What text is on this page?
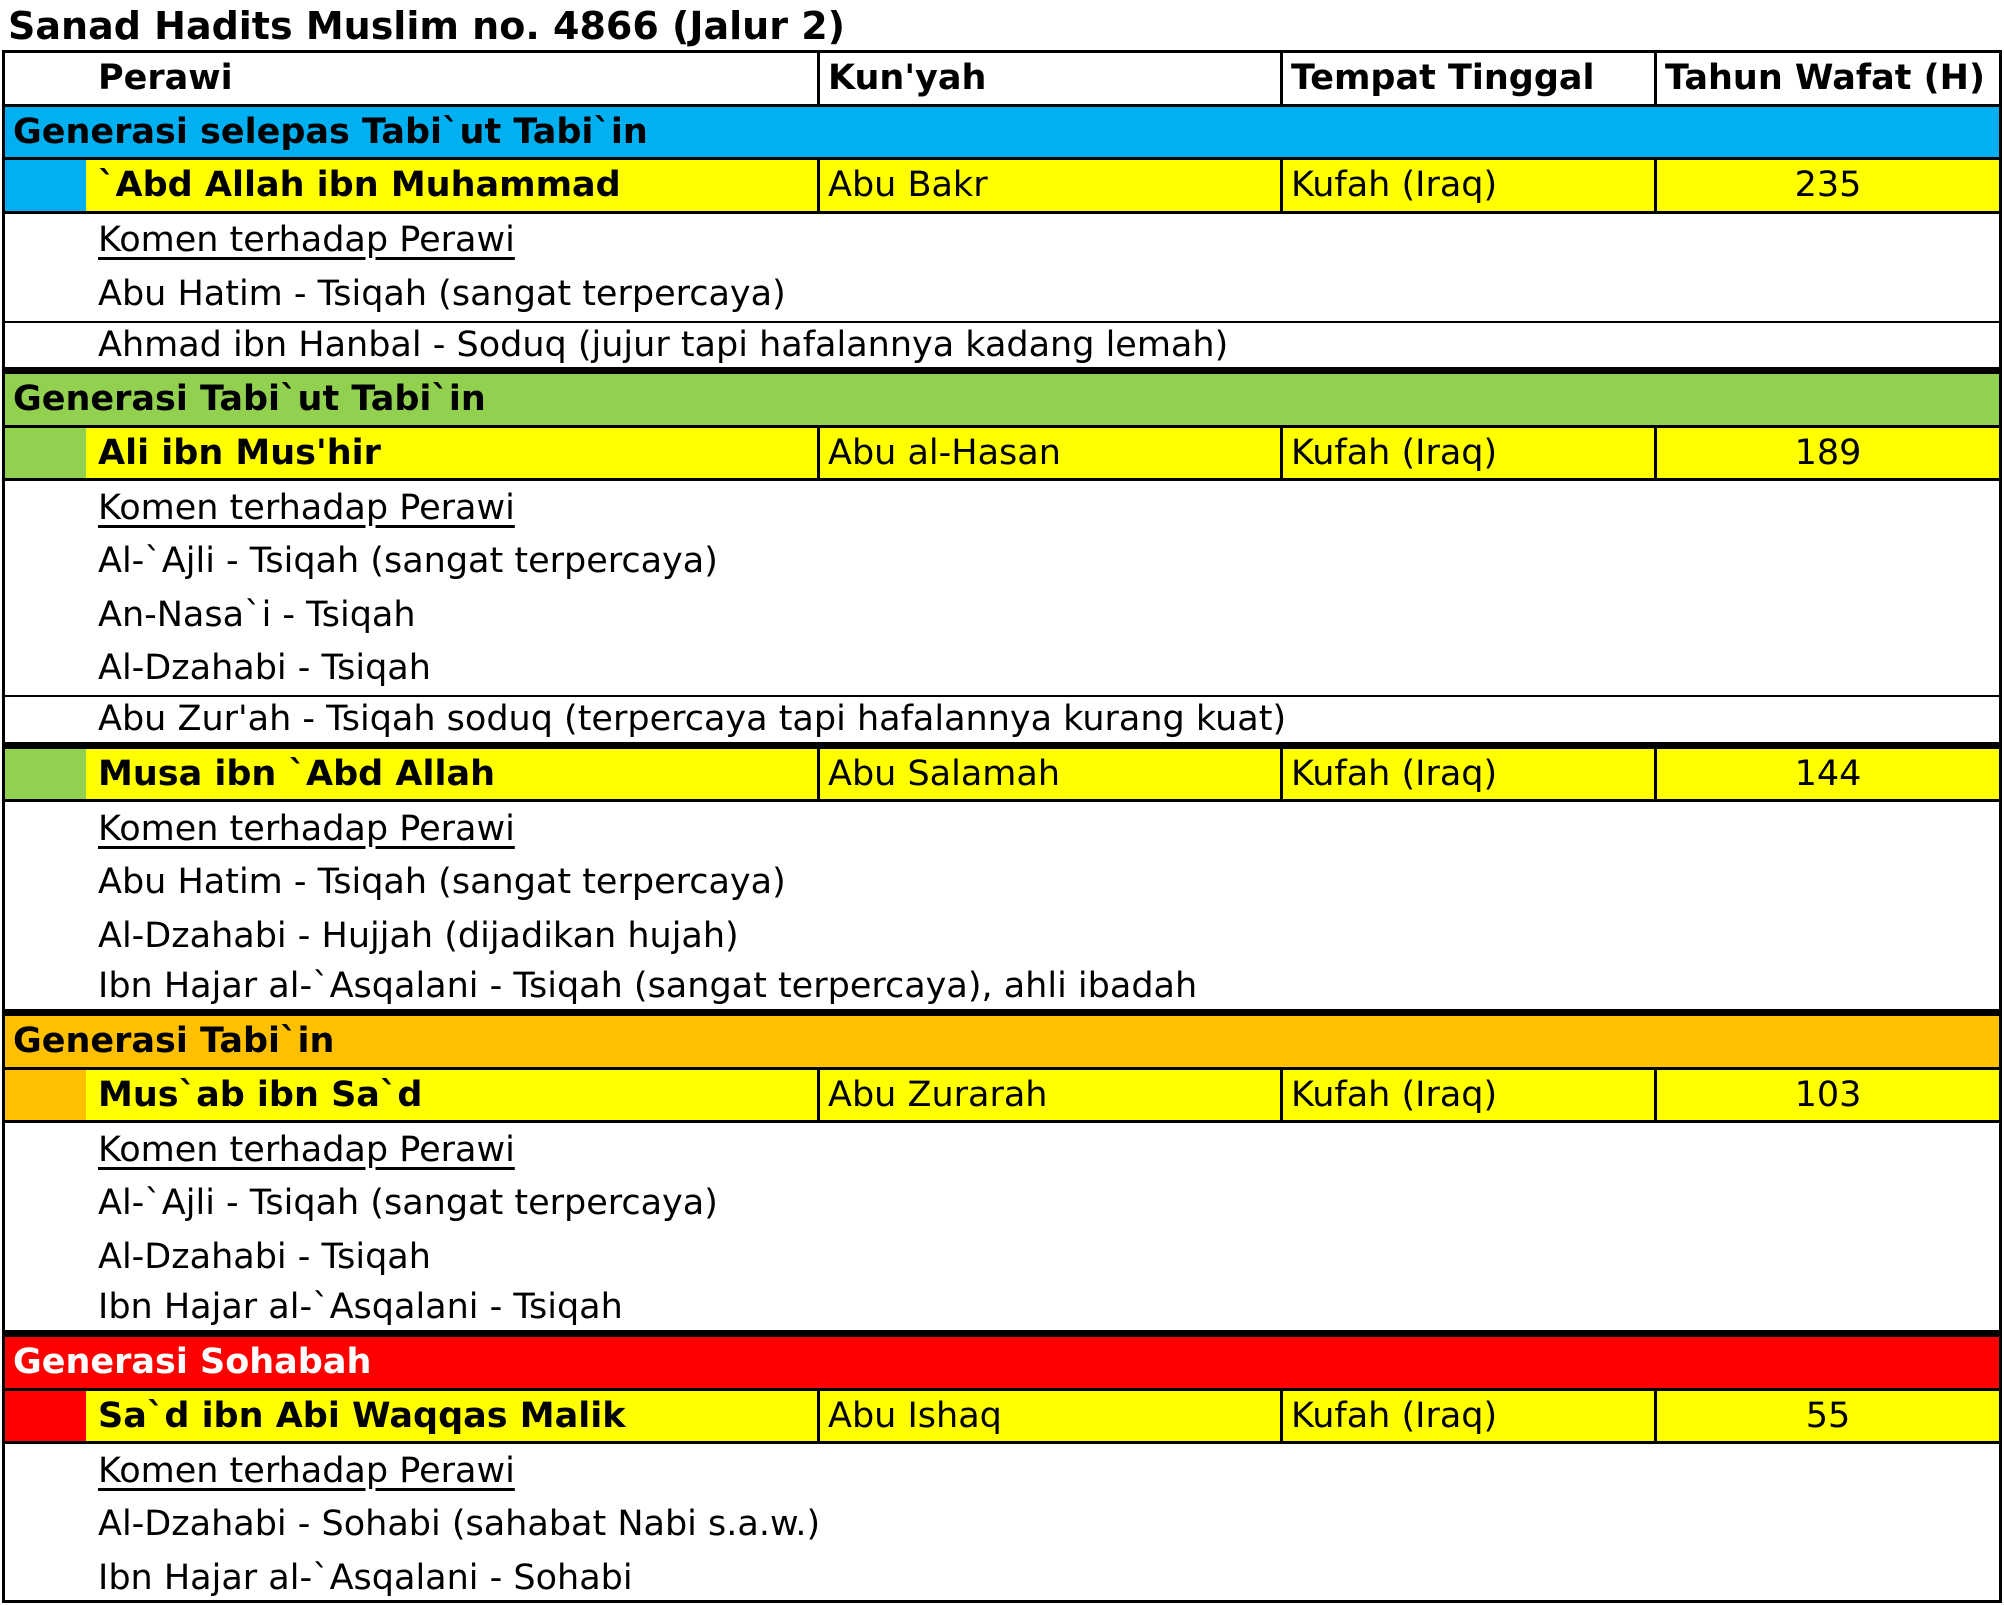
Sanad Hadits Muslim no. 4866 (Jalur 2)
Perawi	Kun'yah	Tempat Tinggal	Tahun Wafat (H)
Generasi selepas Tabi`ut Tabi`in
`Abd Allah ibn Muhammad	Abu Bakr	Kufah (Iraq)	235
Komen terhadap Perawi
Abu Hatim - Tsiqah (sangat terpercaya)
Ahmad ibn Hanbal - Soduq (jujur tapi hafalannya kadang lemah)
Generasi Tabi`ut Tabi`in
Ali ibn Mus'hir	Abu al-Hasan	Kufah (Iraq)	189
Komen terhadap Perawi
Al-`Ajli - Tsiqah (sangat terpercaya)
An-Nasa`i - Tsiqah
Al-Dzahabi - Tsiqah
Abu Zur'ah - Tsiqah soduq (terpercaya tapi hafalannya kurang kuat)
Musa ibn `Abd Allah	Abu Salamah	Kufah (Iraq)	144
Komen terhadap Perawi
Abu Hatim - Tsiqah (sangat terpercaya)
Al-Dzahabi - Hujjah (dijadikan hujah)
Ibn Hajar al-`Asqalani - Tsiqah (sangat terpercaya), ahli ibadah
Generasi Tabi`in
Mus`ab ibn Sa`d	Abu Zurarah	Kufah (Iraq)	103
Komen terhadap Perawi
Al-`Ajli - Tsiqah (sangat terpercaya)
Al-Dzahabi - Tsiqah
Ibn Hajar al-`Asqalani - Tsiqah
Generasi Sohabah
Sa`d ibn Abi Waqqas Malik	Abu Ishaq	Kufah (Iraq)	55
Komen terhadap Perawi
Al-Dzahabi - Sohabi (sahabat Nabi s.a.w.)
Ibn Hajar al-`Asqalani - Sohabi
